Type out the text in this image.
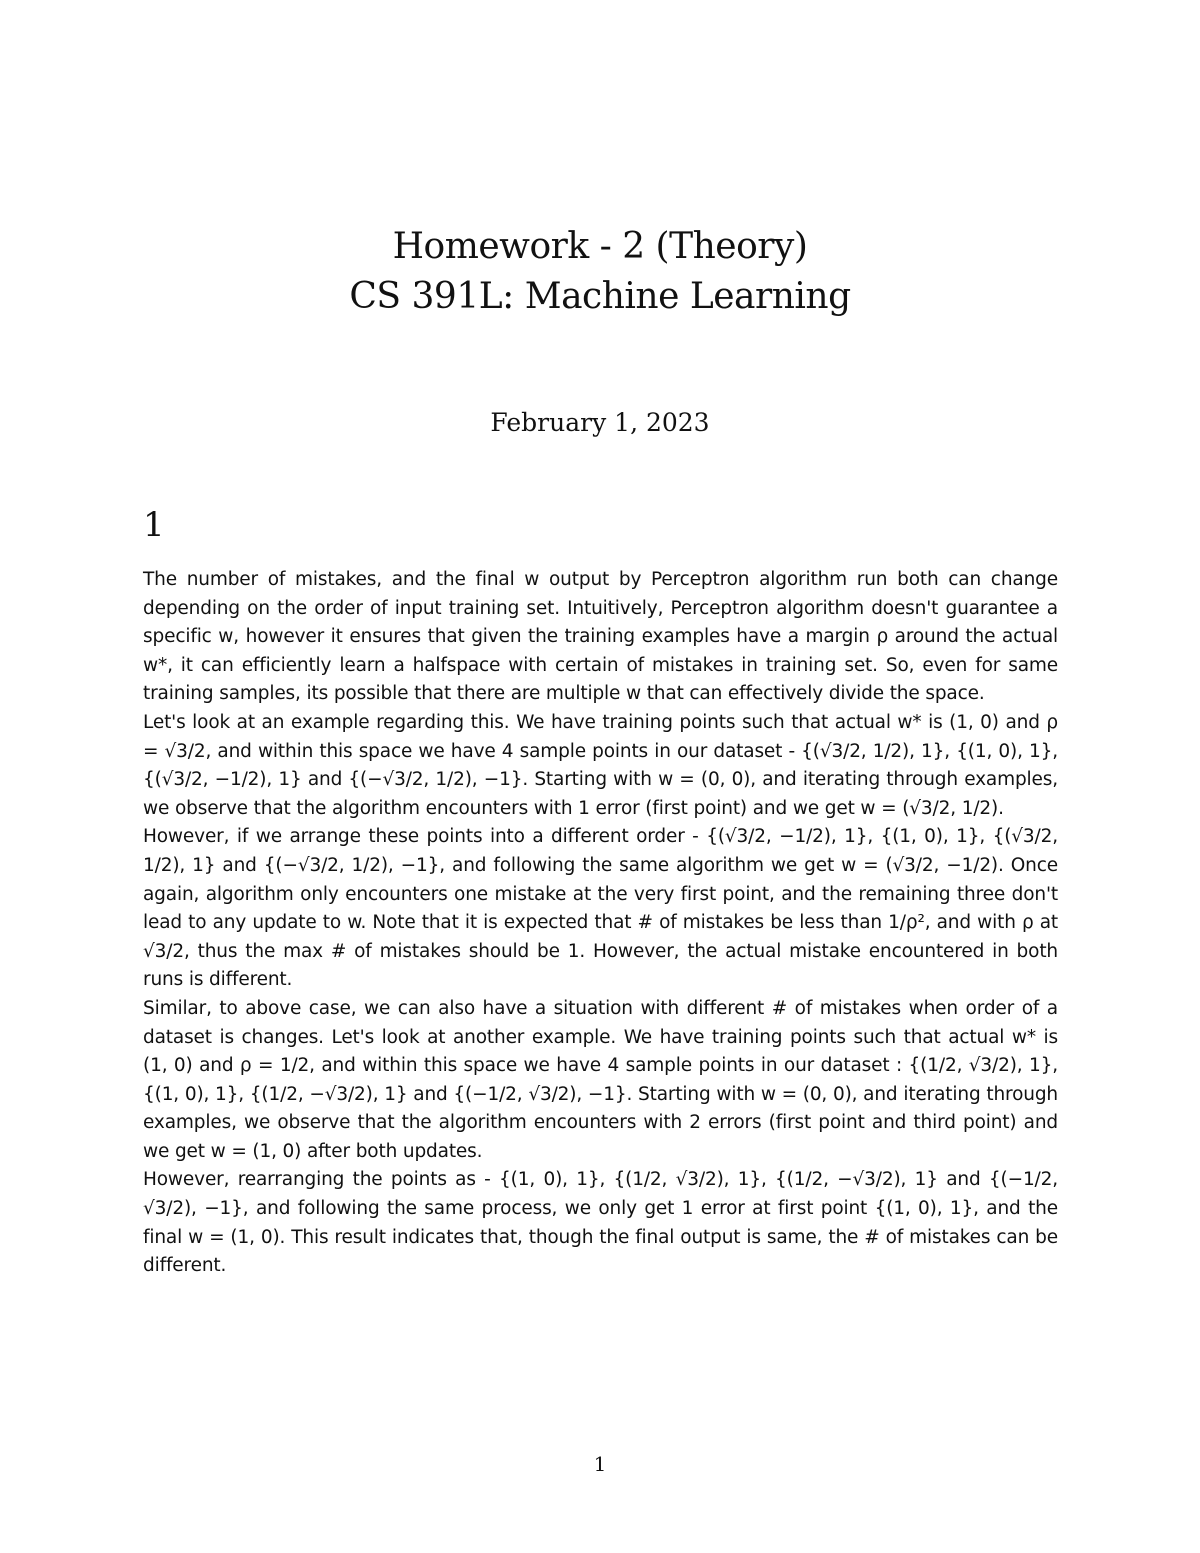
Homework - 2 (Theory)
CS 391L: Machine Learning
February 1, 2023
1

The number of mistakes, and the final w output by Perceptron algorithm run both can change depending on the order of input training set. Intuitively, Perceptron algorithm doesn't guarantee a specific w, however it ensures that given the training examples have a margin ρ around the actual w*, it can efficiently learn a halfspace with certain of mistakes in training set. So, even for same training samples, its possible that there are multiple w that can effectively divide the space.

Let's look at an example regarding this. We have training points such that actual w* is (1, 0) and ρ = √3/2, and within this space we have 4 sample points in our dataset - {(√3/2, 1/2), 1}, {(1, 0), 1}, {(√3/2, −1/2), 1} and {(−√3/2, 1/2), −1}. Starting with w = (0, 0), and iterating through examples, we observe that the algorithm encounters with 1 error (first point) and we get w = (√3/2, 1/2).

However, if we arrange these points into a different order - {(√3/2, −1/2), 1}, {(1, 0), 1}, {(√3/2, 1/2), 1} and {(−√3/2, 1/2), −1}, and following the same algorithm we get w = (√3/2, −1/2). Once again, algorithm only encounters one mistake at the very first point, and the remaining three don't lead to any update to w. Note that it is expected that # of mistakes be less than 1/ρ², and with ρ at √3/2, thus the max # of mistakes should be 1. However, the actual mistake encountered in both runs is different.

Similar, to above case, we can also have a situation with different # of mistakes when order of a dataset is changes. Let's look at another example. We have training points such that actual w* is (1, 0) and ρ = 1/2, and within this space we have 4 sample points in our dataset : {(1/2, √3/2), 1}, {(1, 0), 1}, {(1/2, −√3/2), 1} and {(−1/2, √3/2), −1}. Starting with w = (0, 0), and iterating through examples, we observe that the algorithm encounters with 2 errors (first point and third point) and we get w = (1, 0) after both updates.

However, rearranging the points as - {(1, 0), 1}, {(1/2, √3/2), 1}, {(1/2, −√3/2), 1} and {(−1/2, √3/2), −1}, and following the same process, we only get 1 error at first point {(1, 0), 1}, and the final w = (1, 0). This result indicates that, though the final output is same, the # of mistakes can be different.

1
